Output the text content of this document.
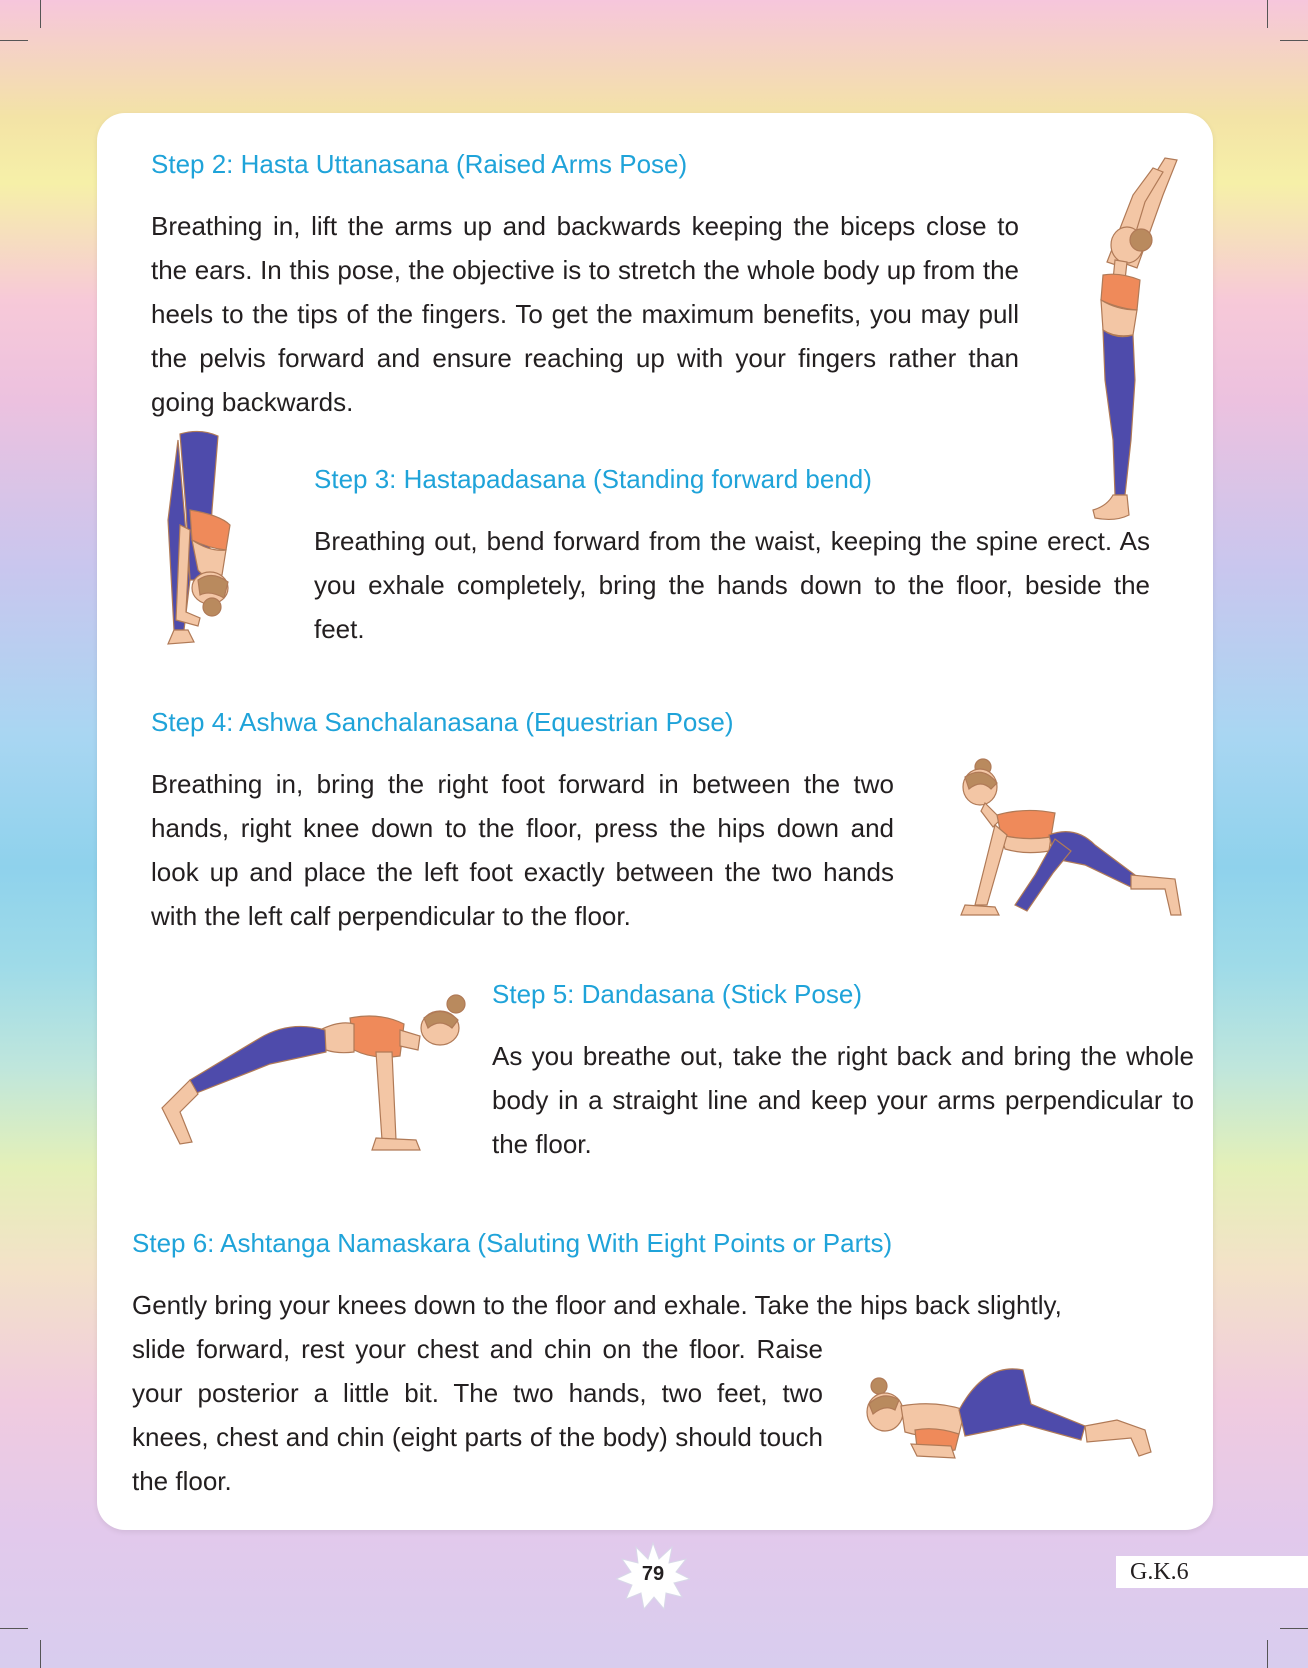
Step 2: Hasta Uttanasana (Raised Arms Pose)

Breathing in, lift the arms up and backwards keeping the biceps close to the ears. In this pose, the objective is to stretch the whole body up from the heels to the tips of the fingers. To get the maximum benefits, you may pull the pelvis forward and ensure reaching up with your fingers rather than going backwards.

Step 3: Hastapadasana (Standing forward bend)

Breathing out, bend forward from the waist, keeping the spine erect. As you exhale completely, bring the hands down to the floor, beside the feet.

Step 4: Ashwa Sanchalanasana (Equestrian Pose)

Breathing in, bring the right foot forward in between the two hands, right knee down to the floor, press the hips down and look up and place the left foot exactly between the two hands with the left calf perpendicular to the floor.

Step 5: Dandasana (Stick Pose)

As you breathe out, take the right back and bring the whole body in a straight line and keep your arms perpendicular to the floor.

Step 6: Ashtanga Namaskara (Saluting With Eight Points or Parts)
Gently bring your knees down to the floor and exhale. Take the hips back slightly,

slide forward, rest your chest and chin on the floor. Raise your posterior a little bit. The two hands, two feet, two knees, chest and chin (eight parts of the body) should touch the floor.

79	G.K.6
